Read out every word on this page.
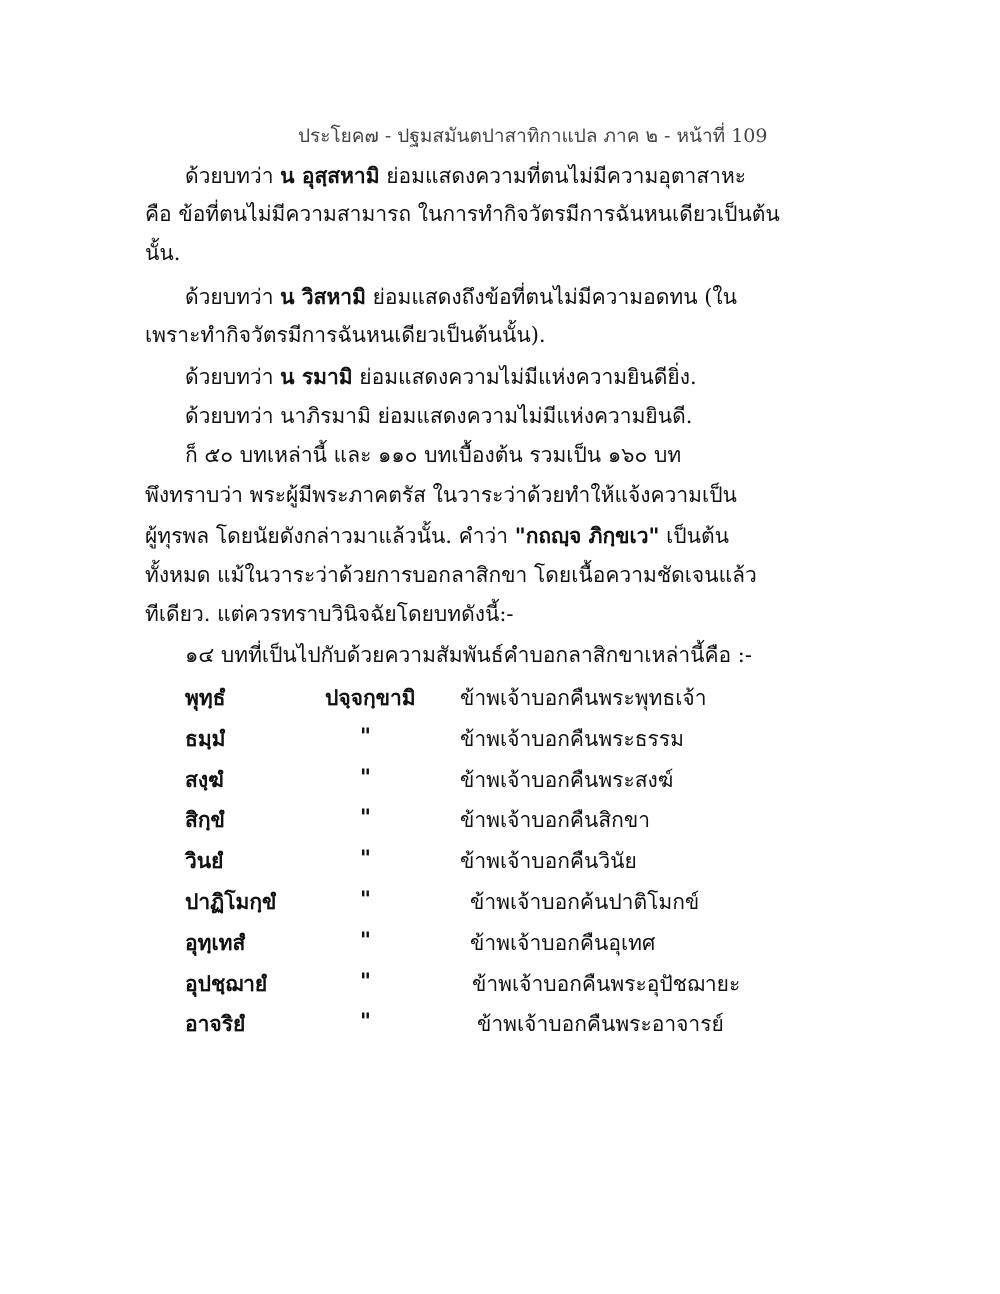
ประโยค๗ - ปฐมสมันตปาสาทิกาแปล ภาค ๒ - หน้าที่ 109
ด้วยบทว่า น อุสฺสหามิ ย่อมแสดงความที่ตนไม่มีความอุตาสาหะ
คือ ข้อที่ตนไม่มีความสามารถ ในการทำกิจวัตรมีการฉันหนเดียวเป็นต้น
นั้น.
ด้วยบทว่า น วิสหามิ ย่อมแสดงถึงข้อที่ตนไม่มีความอดทน (ใน
เพราะทำกิจวัตรมีการฉันหนเดียวเป็นต้นนั้น).
ด้วยบทว่า น รมามิ ย่อมแสดงความไม่มีแห่งความยินดียิ่ง.
ด้วยบทว่า นาภิรมามิ ย่อมแสดงความไม่มีแห่งความยินดี.
ก็ ๕๐ บทเหล่านี้ และ ๑๑๐ บทเบื้องต้น รวมเป็น ๑๖๐ บท
พึงทราบว่า พระผู้มีพระภาคตรัส ในวาระว่าด้วยทำให้แจ้งความเป็น
ผู้ทุรพล โดยนัยดังกล่าวมาแล้วนั้น. คำว่า "กถญฺจ ภิกฺขเว" เป็นต้น
ทั้งหมด แม้ในวาระว่าด้วยการบอกลาสิกขา โดยเนื้อความชัดเจนแล้ว
ทีเดียว. แต่ควรทราบวินิจฉัยโดยบทดังนี้:-
๑๔ บทที่เป็นไปกับด้วยความสัมพันธ์คำบอกลาสิกขาเหล่านี้คือ :-
พุทฺธํ	ปจฺจกฺขามิ ข้าพเจ้าบอกคืนพระพุทธเจ้า
ธมฺมํ	"	ข้าพเจ้าบอกคืนพระธรรม
สงฺฆํ	"	ข้าพเจ้าบอกคืนพระสงฆ์
สิกฺขํ	"	ข้าพเจ้าบอกคืนสิกขา
วินยํ	"	ข้าพเจ้าบอกคืนวินัย
ปาฏิโมกฺขํ	"	ข้าพเจ้าบอกค้นปาติโมกข์
อุทฺเทสํ	"	ข้าพเจ้าบอกคืนอุเทศ
อุปชฺฌายํ	"	ข้าพเจ้าบอกคืนพระอุปัชฌายะ
อาจริยํ	"	ข้าพเจ้าบอกคืนพระอาจารย์
